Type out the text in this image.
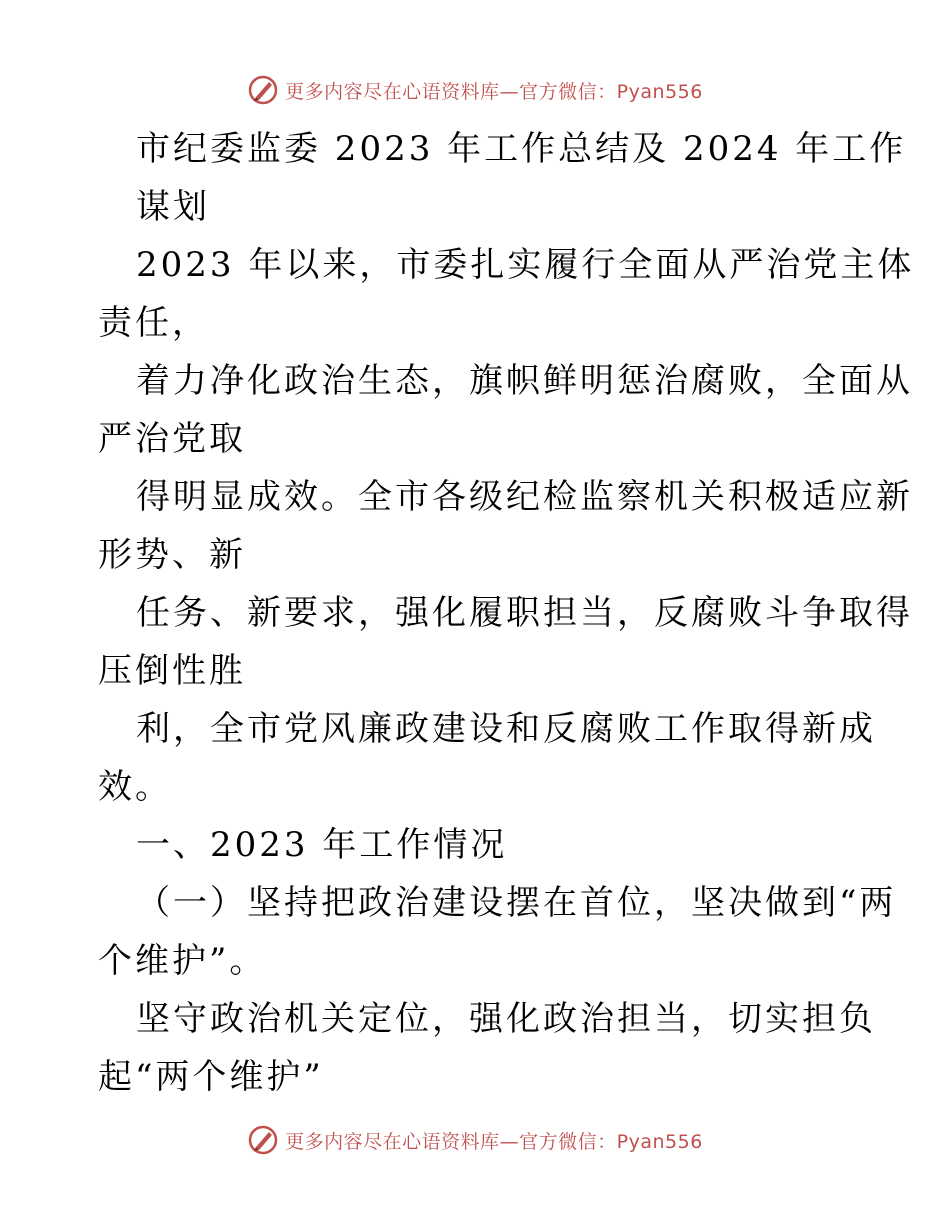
更多内容尽在心语资料库—官方微信：Pyan556
市纪委监委 2023 年工作总结及 2024 年工作
谋划
2023 年以来，市委扎实履行全面从严治党主体
责任，
着力净化政治生态，旗帜鲜明惩治腐败，全面从
严治党取
得明显成效。全市各级纪检监察机关积极适应新
形势、新
任务、新要求，强化履职担当，反腐败斗争取得
压倒性胜
利，全市党风廉政建设和反腐败工作取得新成
效。
一、2023 年工作情况
（一）坚持把政治建设摆在首位，坚决做到“两
个维护”。
坚守政治机关定位，强化政治担当，切实担负
起“两个维护”
更多内容尽在心语资料库—官方微信：Pyan556
